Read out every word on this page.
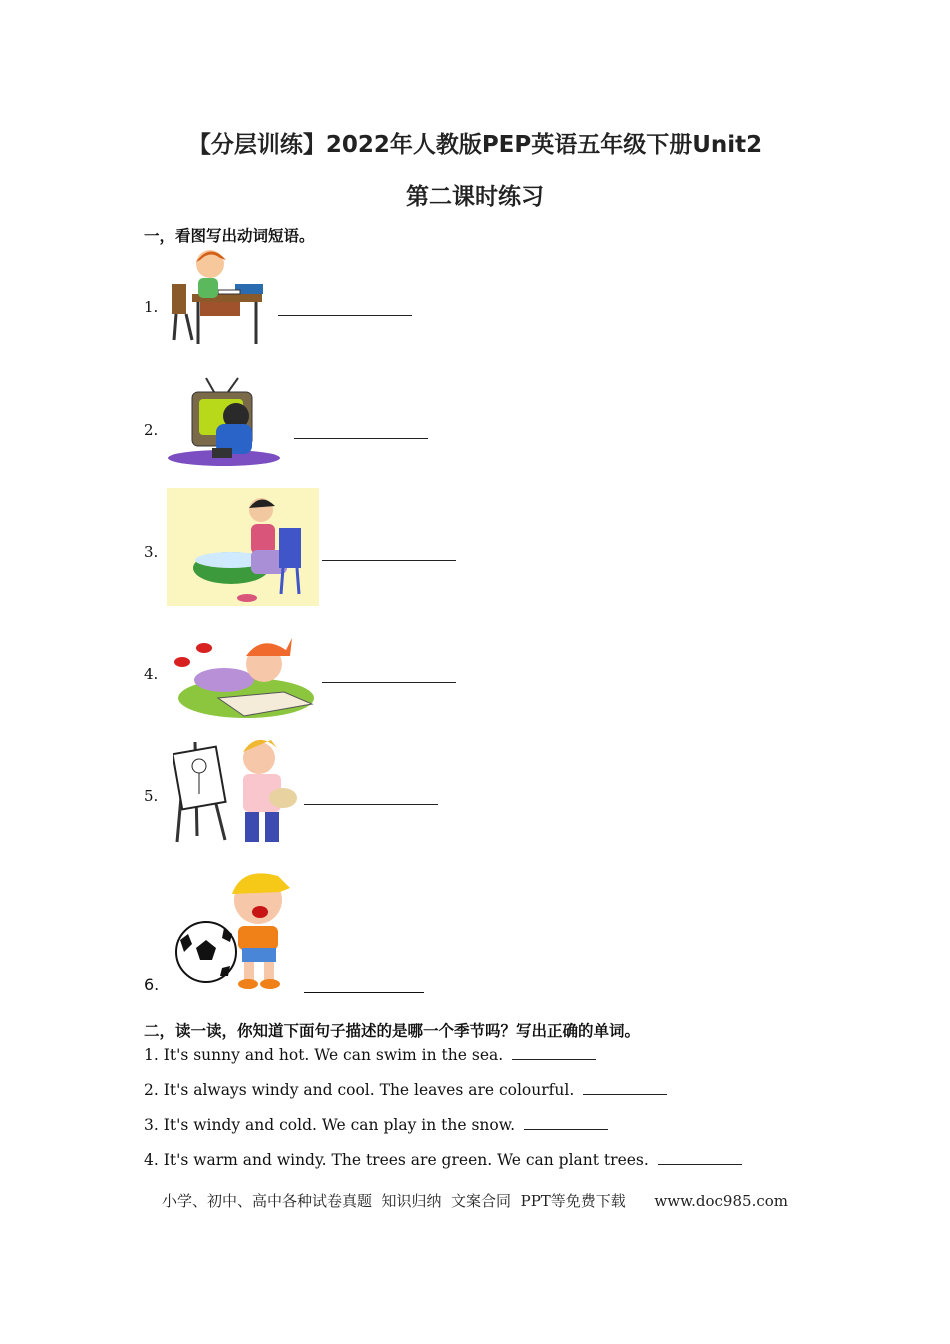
【分层训练】2022年人教版PEP英语五年级下册Unit2
第二课时练习
一，看图写出动词短语。
1.
2.
3.
4.
5.
6.
二，读一读，你知道下面句子描述的是哪一个季节吗？写出正确的单词。
1. It's sunny and hot. We can swim in the sea.
2. It's always windy and cool. The leaves are colourful.
3. It's windy and cold. We can play in the snow.
4. It's warm and windy. The trees are green. We can plant trees.
小学、初中、高中各种试卷真题  知识归纳  文案合同  PPT等免费下载      www.doc985.com
